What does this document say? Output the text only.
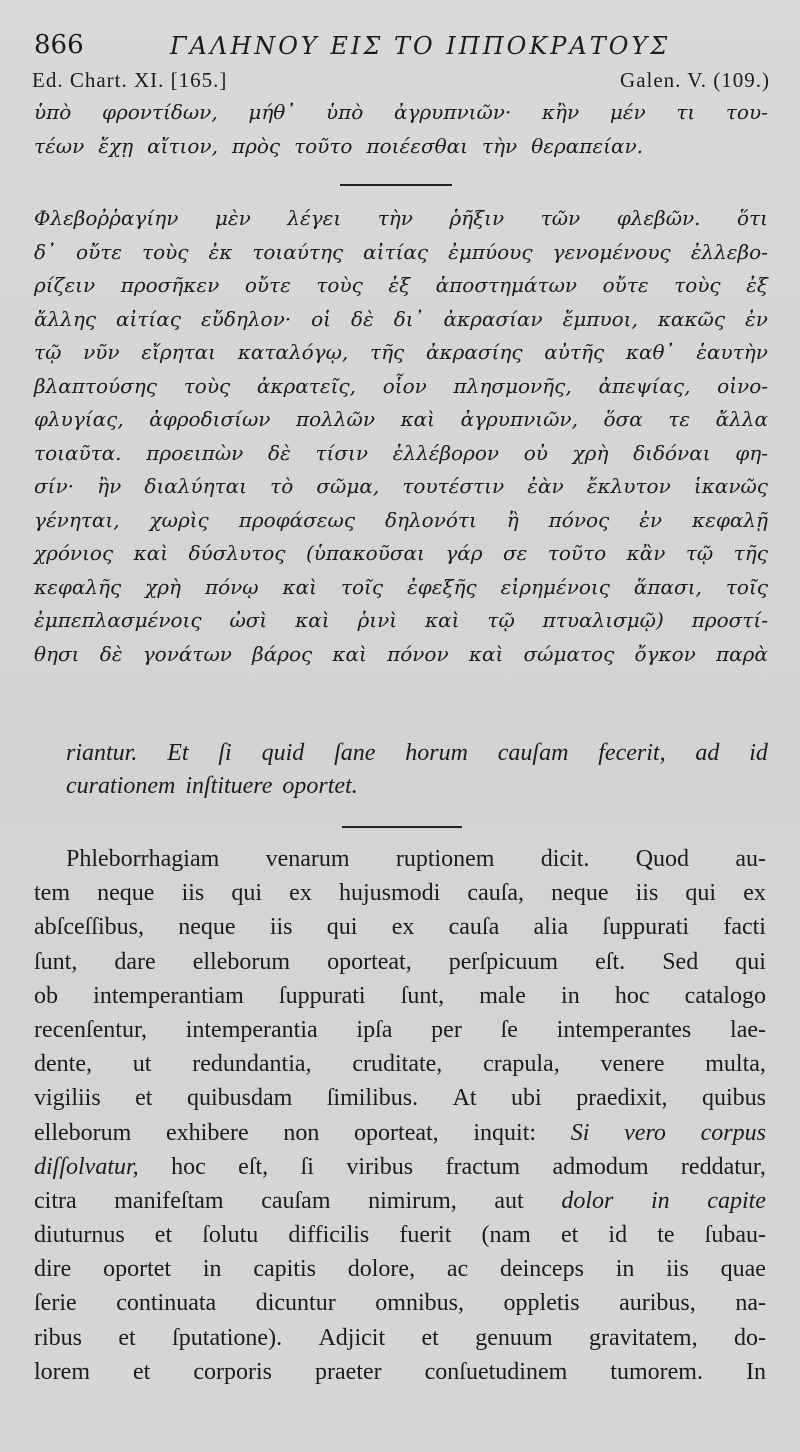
866	ΓΑΛΗΝΟΥ ΕΙΣ ΤΟ ΙΠΠΟΚΡΑΤΟΥΣ
Ed. Chart. XI. [165.]	Galen. V. (109.)
ὑπὸ φροντίδων, μήθ᾽ ὑπὸ ἀγρυπνιῶν· κἢν μέν τι του-
τέων ἔχῃ αἴτιον, πρὸς τοῦτο ποιέεσθαι τὴν θεραπείαν.
Φλεβοῤῥαγίην μὲν λέγει τὴν ῥῆξιν τῶν φλεβῶν. ὅτι
δ᾽ οὔτε τοὺς ἐκ τοιαύτης αἰτίας ἐμπύους γενομένους ἐλλεβο-
ρίζειν προσῆκεν οὔτε τοὺς ἐξ ἀποστημάτων οὔτε τοὺς ἐξ
ἄλλης αἰτίας εὔδηλον· οἱ δὲ δι᾽ ἀκρασίαν ἔμπυοι, κακῶς ἐν
τῷ νῦν εἴρηται καταλόγῳ, τῆς ἀκρασίης αὐτῆς καθ᾽ ἑαυτὴν
βλαπτούσης τοὺς ἀκρατεῖς, οἷον πλησμονῆς, ἀπεψίας, οἰνο-
φλυγίας, ἀφροδισίων πολλῶν καὶ ἀγρυπνιῶν, ὅσα τε ἄλλα
τοιαῦτα. προειπὼν δὲ τίσιν ἐλλέβορον οὐ χρὴ διδόναι φη-
σίν· ἢν διαλύηται τὸ σῶμα, τουτέστιν ἐὰν ἔκλυτον ἱκανῶς
γένηται, χωρὶς προφάσεως δηλονότι ἢ πόνος ἐν κεφαλῇ
χρόνιος καὶ δύσλυτος (ὑπακοῦσαι γάρ σε τοῦτο κἂν τῷ τῆς
κεφαλῆς χρὴ πόνῳ καὶ τοῖς ἐφεξῆς εἰρημένοις ἅπασι, τοῖς
ἐμπεπλασμένοις ὠσὶ καὶ ῥινὶ καὶ τῷ πτυαλισμῷ) προστί-
θησι δὲ γονάτων βάρος καὶ πόνον καὶ σώματος ὄγκον παρὰ
riantur. Et ſi quid ſane horum cauſam fecerit, ad id
curationem inſtituere oportet.
Phleborrhagiam venarum ruptionem dicit. Quod au-
tem neque iis qui ex hujusmodi cauſa, neque iis qui ex
abſceſſibus, neque iis qui ex cauſa alia ſuppurati facti
ſunt, dare elleborum oporteat, perſpicuum eſt. Sed qui
ob intemperantiam ſuppurati ſunt, male in hoc catalogo
recenſentur, intemperantia ipſa per ſe intemperantes lae-
dente, ut redundantia, cruditate, crapula, venere multa,
vigiliis et quibusdam ſimilibus. At ubi praedixit, quibus
elleborum exhibere non oporteat, inquit: Si vero corpus
diſſolvatur, hoc eſt, ſi viribus fractum admodum reddatur,
citra manifeſtam cauſam nimirum, aut dolor in capite
diuturnus et ſolutu difficilis fuerit (nam et id te ſubau-
dire oportet in capitis dolore, ac deinceps in iis quae
ſerie continuata dicuntur omnibus, oppletis auribus, na-
ribus et ſputatione). Adjicit et genuum gravitatem, do-
lorem et corporis praeter conſuetudinem tumorem. In
